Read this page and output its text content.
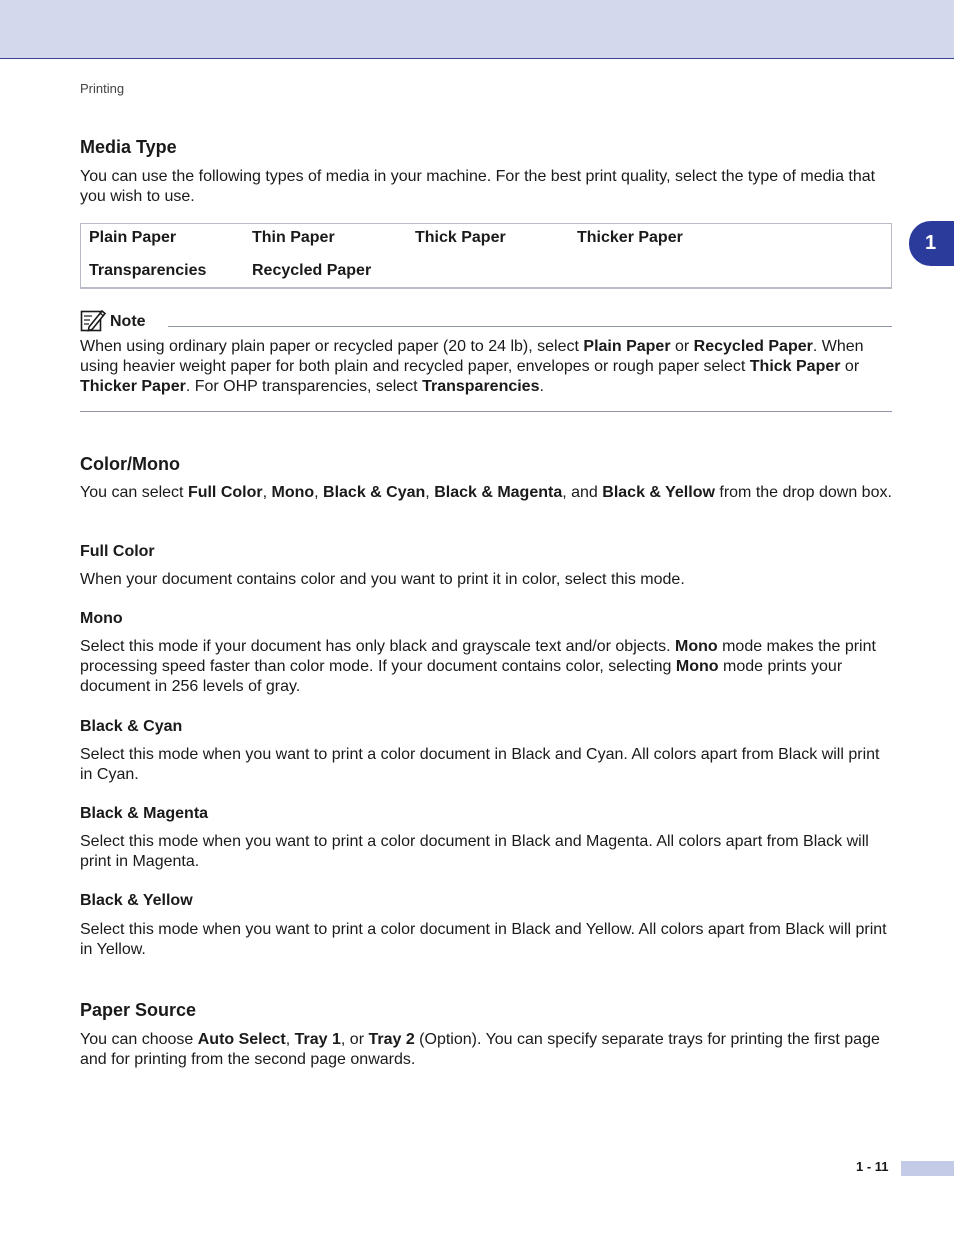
Printing
1
Media Type

You can use the following types of media in your machine. For the best print quality, select the type of media that you wish to use.

Plain Paper	Thin Paper	Thick Paper	Thicker Paper
Transparencies	Recycled Paper
Note

When using ordinary plain paper or recycled paper (20 to 24 lb), select Plain Paper or Recycled Paper. When using heavier weight paper for both plain and recycled paper, envelopes or rough paper select Thick Paper or Thicker Paper. For OHP transparencies, select Transparencies.

Color/Mono

You can select Full Color, Mono, Black & Cyan, Black & Magenta, and Black & Yellow from the drop down box.

Full Color

When your document contains color and you want to print it in color, select this mode.

Mono

Select this mode if your document has only black and grayscale text and/or objects. Mono mode makes the print processing speed faster than color mode. If your document contains color, selecting Mono mode prints your document in 256 levels of gray.

Black & Cyan

Select this mode when you want to print a color document in Black and Cyan. All colors apart from Black will print in Cyan.

Black & Magenta

Select this mode when you want to print a color document in Black and Magenta. All colors apart from Black will print in Magenta.

Black & Yellow

Select this mode when you want to print a color document in Black and Yellow. All colors apart from Black will print in Yellow.

Paper Source

You can choose Auto Select, Tray 1, or Tray 2 (Option). You can specify separate trays for printing the first page and for printing from the second page onwards.

1 - 11
